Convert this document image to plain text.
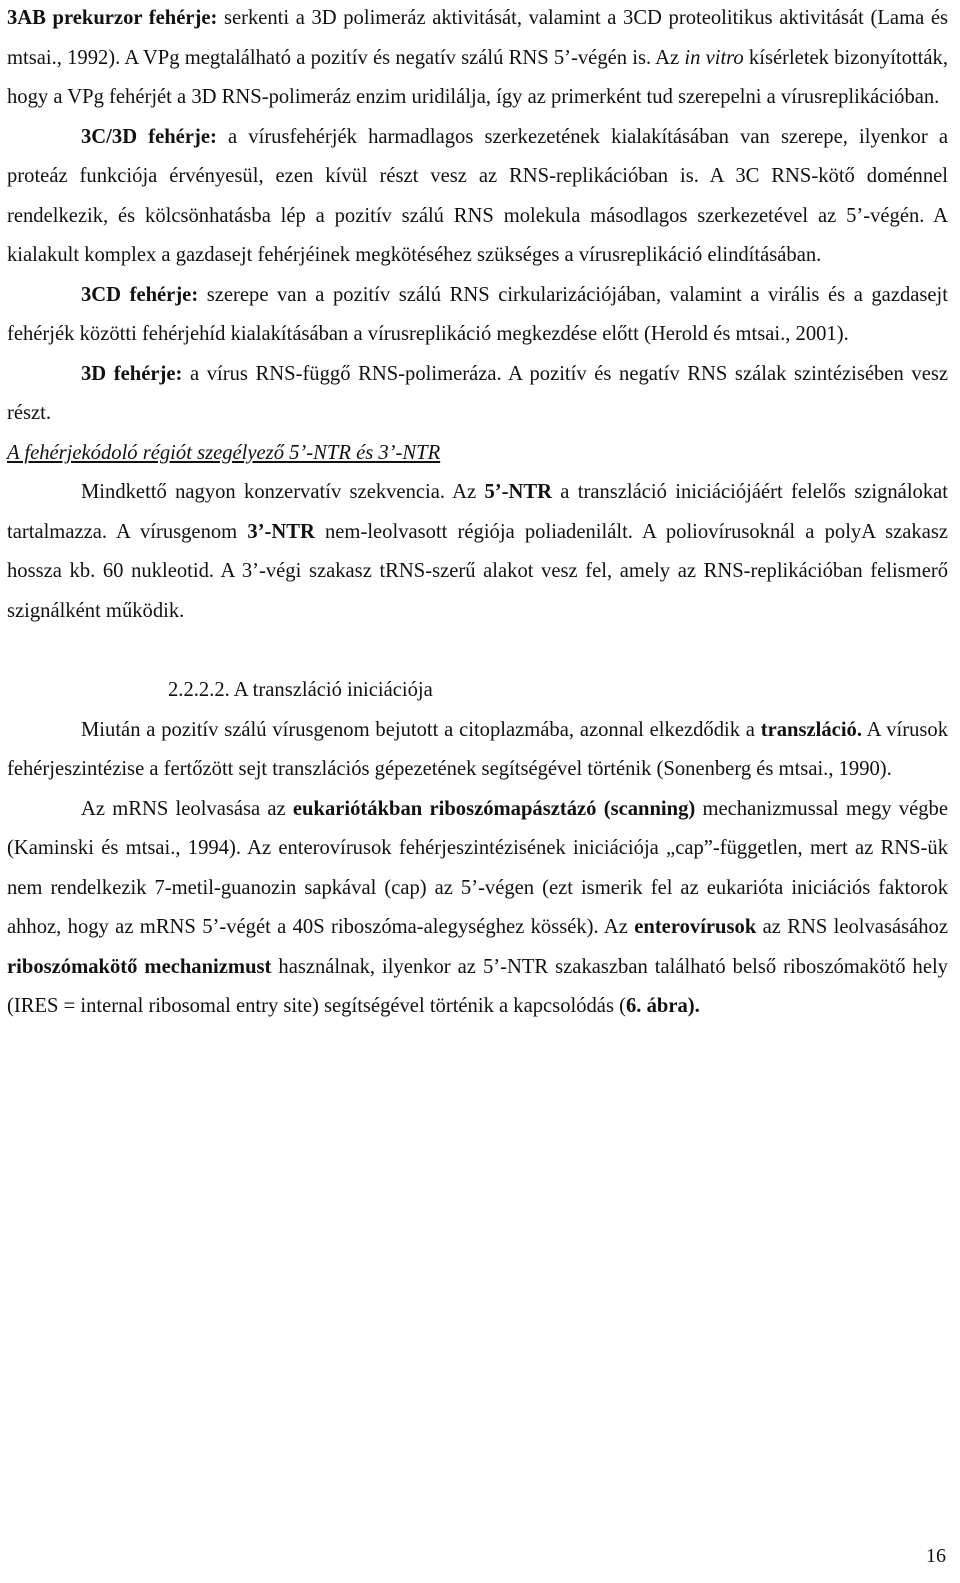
3AB prekurzor fehérje: serkenti a 3D polimeráz aktivitását, valamint a 3CD proteolitikus aktivitását (Lama és mtsai., 1992). A VPg megtalálható a pozitív és negatív szálú RNS 5’-végén is. Az in vitro kísérletek bizonyították, hogy a VPg fehérjét a 3D RNS-polimeráz enzim uridilálja, így az primerként tud szerepelni a vírusreplikációban.

3C/3D fehérje: a vírusfehérjék harmadlagos szerkezetének kialakításában van szerepe, ilyenkor a proteáz funkciója érvényesül, ezen kívül részt vesz az RNS-replikációban is. A 3C RNS-kötő doménnel rendelkezik, és kölcsönhatásba lép a pozitív szálú RNS molekula másodlagos szerkezetével az 5’-végén. A kialakult komplex a gazdasejt fehérjéinek megkötéséhez szükséges a vírusreplikáció elindításában.

3CD fehérje: szerepe van a pozitív szálú RNS cirkularizációjában, valamint a virális és a gazdasejt fehérjék közötti fehérjehíd kialakításában a vírusreplikáció megkezdése előtt (Herold és mtsai., 2001).

3D fehérje: a vírus RNS-függő RNS-polimeráza. A pozitív és negatív RNS szálak szintézisében vesz részt.

A fehérjekódoló régiót szegélyező 5’-NTR és 3’-NTR

Mindkettő nagyon konzervatív szekvencia. Az 5’-NTR a transzláció iniciációjáért felelős szignálokat tartalmazza. A vírusgenom 3’-NTR nem-leolvasott régiója poliadenilált. A poliovírusoknál a polyA szakasz hossza kb. 60 nukleotid. A 3’-végi szakasz tRNS-szerű alakot vesz fel, amely az RNS-replikációban felismerő szignálként működik.

2.2.2.2. A transzláció iniciációja

Miután a pozitív szálú vírusgenom bejutott a citoplazmába, azonnal elkezdődik a transzláció. A vírusok fehérjeszintézise a fertőzött sejt transzlációs gépezetének segítségével történik (Sonenberg és mtsai., 1990).

Az mRNS leolvasása az eukariótákban riboszómapásztázó (scanning) mechanizmussal megy végbe (Kaminski és mtsai., 1994). Az enterovírusok fehérjeszintézisének iniciációja „cap”-független, mert az RNS-ük nem rendelkezik 7-metil-guanozin sapkával (cap) az 5’-végen (ezt ismerik fel az eukarióta iniciációs faktorok ahhoz, hogy az mRNS 5’-végét a 40S riboszóma-alegységhez kössék). Az enterovírusok az RNS leolvasásához riboszómakötő mechanizmust használnak, ilyenkor az 5’-NTR szakaszban található belső riboszómakötő hely (IRES = internal ribosomal entry site) segítségével történik a kapcsolódás (6. ábra).

16
